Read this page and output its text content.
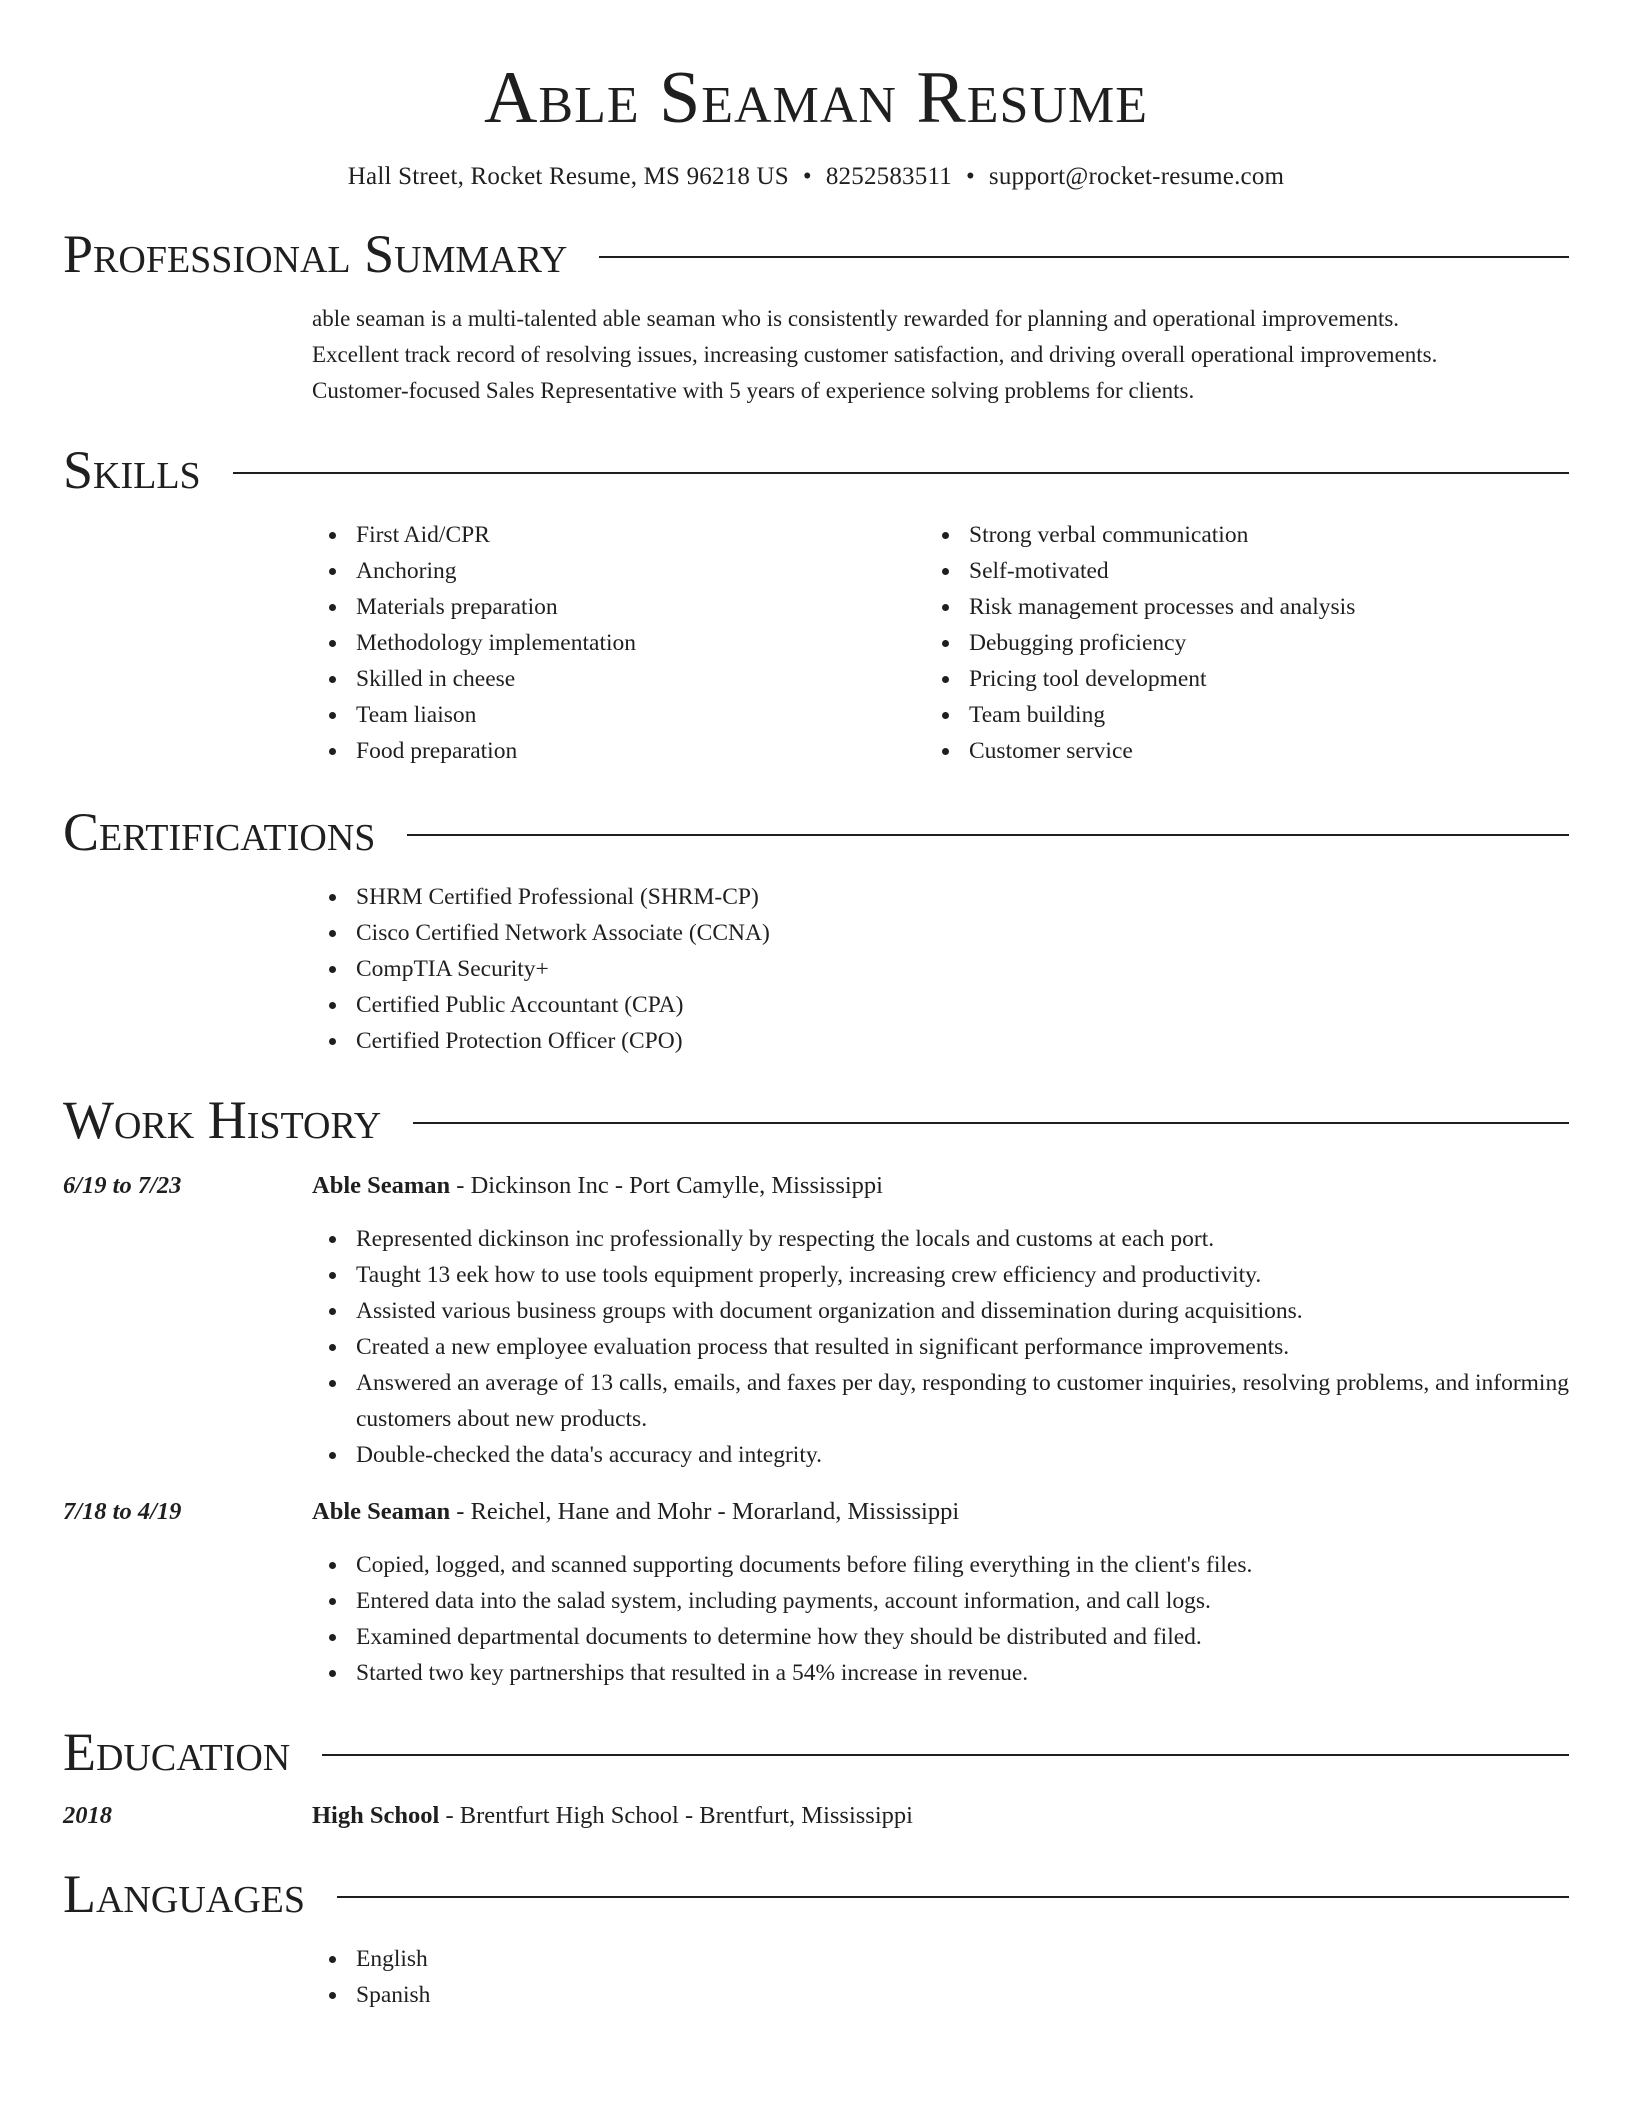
Able Seaman Resume
Hall Street, Rocket Resume, MS 96218 US • 8252583511 • support@rocket-resume.com
Professional Summary
able seaman is a multi-talented able seaman who is consistently rewarded for planning and operational improvements.
Excellent track record of resolving issues, increasing customer satisfaction, and driving overall operational improvements.
Customer-focused Sales Representative with 5 years of experience solving problems for clients.
Skills
First Aid/CPR
Anchoring
Materials preparation
Methodology implementation
Skilled in cheese
Team liaison
Food preparation
Strong verbal communication
Self-motivated
Risk management processes and analysis
Debugging proficiency
Pricing tool development
Team building
Customer service
Certifications
SHRM Certified Professional (SHRM-CP)
Cisco Certified Network Associate (CCNA)
CompTIA Security+
Certified Public Accountant (CPA)
Certified Protection Officer (CPO)
Work History
6/19 to 7/23	Able Seaman - Dickinson Inc - Port Camylle, Mississippi
Represented dickinson inc professionally by respecting the locals and customs at each port.
Taught 13 eek how to use tools equipment properly, increasing crew efficiency and productivity.
Assisted various business groups with document organization and dissemination during acquisitions.
Created a new employee evaluation process that resulted in significant performance improvements.
Answered an average of 13 calls, emails, and faxes per day, responding to customer inquiries, resolving problems, and informing customers about new products.
Double-checked the data's accuracy and integrity.
7/18 to 4/19	Able Seaman - Reichel, Hane and Mohr - Morarland, Mississippi
Copied, logged, and scanned supporting documents before filing everything in the client's files.
Entered data into the salad system, including payments, account information, and call logs.
Examined departmental documents to determine how they should be distributed and filed.
Started two key partnerships that resulted in a 54% increase in revenue.
Education
2018	High School - Brentfurt High School - Brentfurt, Mississippi
Languages
English
Spanish
